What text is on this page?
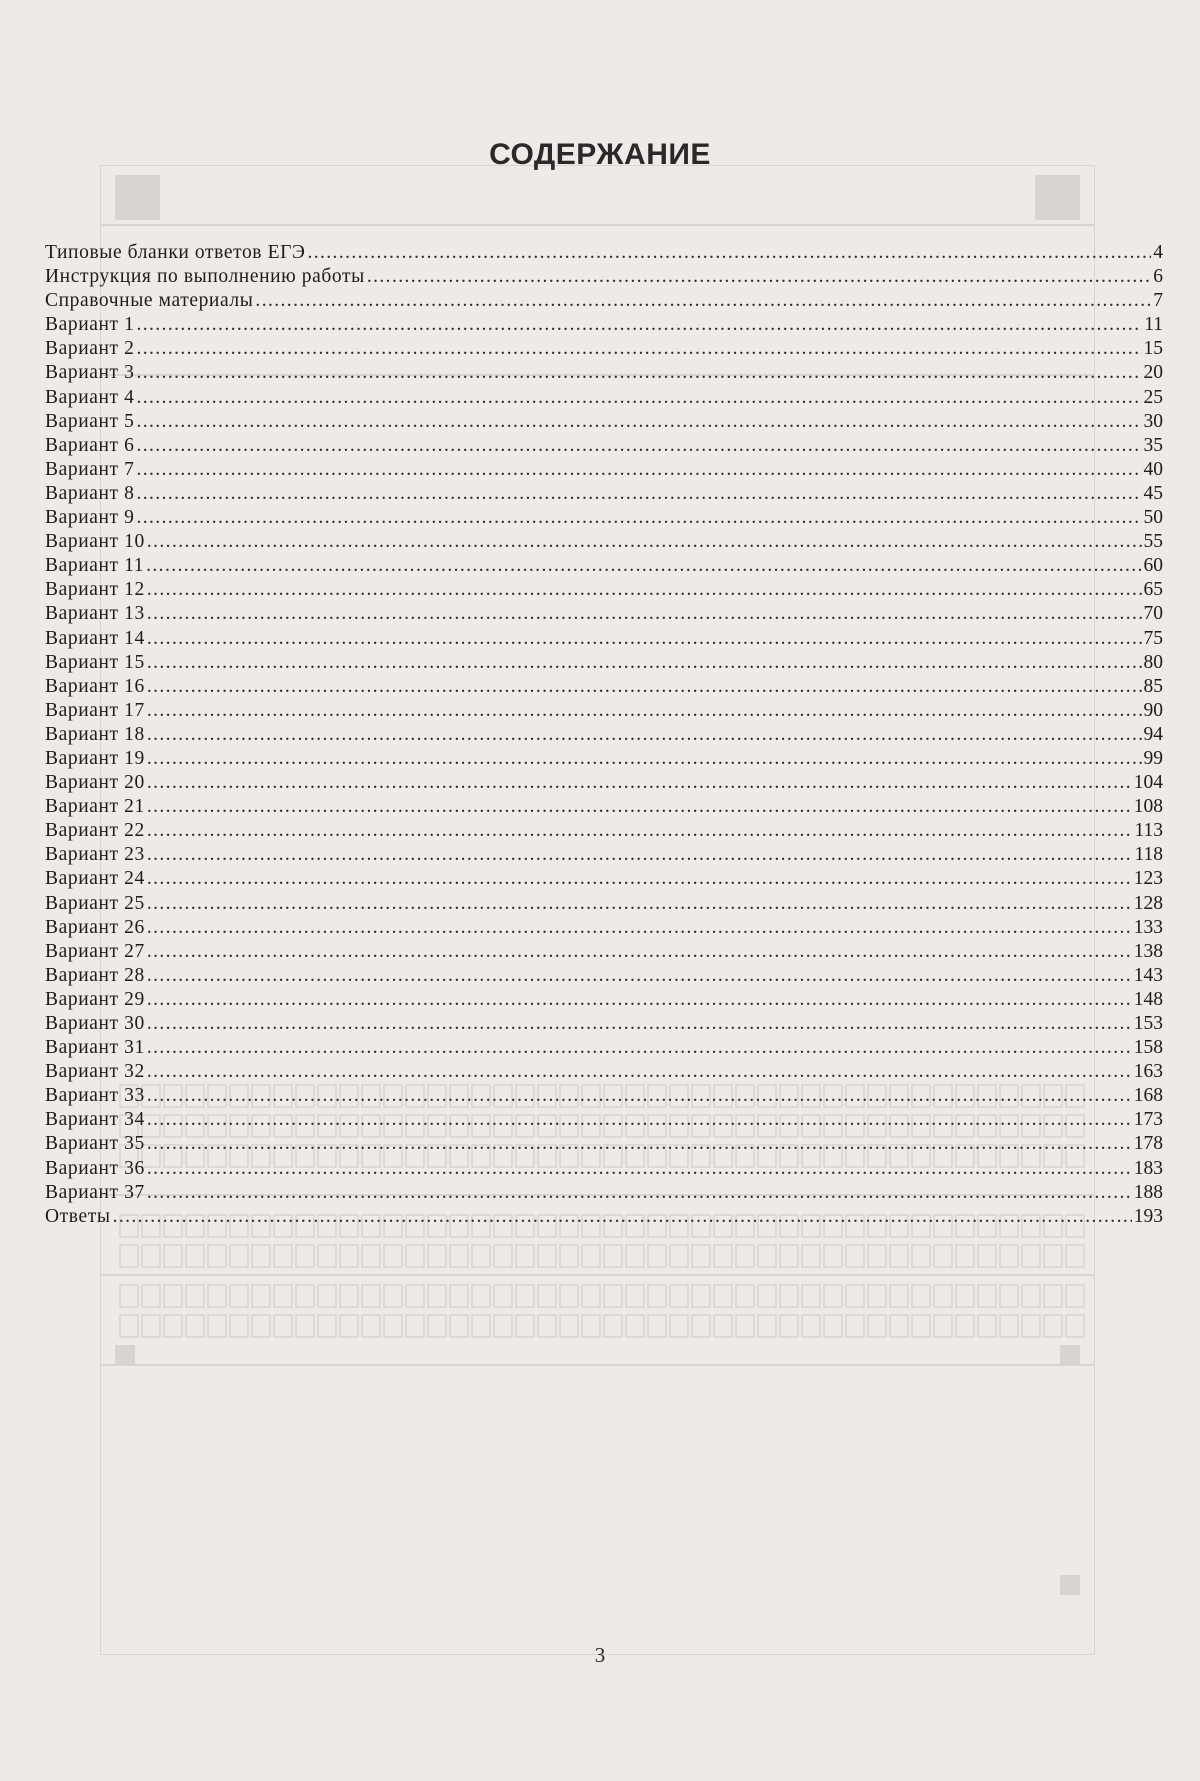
СОДЕРЖАНИЕ
Типовые бланки ответов ЕГЭ .....	4
Инструкция по выполнению работы .....	6
Справочные материалы .....	7
Вариант 1 .....	11
Вариант 2 .....	15
Вариант 3 .....	20
Вариант 4 .....	25
Вариант 5 .....	30
Вариант 6 .....	35
Вариант 7 .....	40
Вариант 8 .....	45
Вариант 9 .....	50
Вариант 10 .....	55
Вариант 11 .....	60
Вариант 12 .....	65
Вариант 13 .....	70
Вариант 14 .....	75
Вариант 15 .....	80
Вариант 16 .....	85
Вариант 17 .....	90
Вариант 18 .....	94
Вариант 19 .....	99
Вариант 20 .....	104
Вариант 21 .....	108
Вариант 22 .....	113
Вариант 23 .....	118
Вариант 24 .....	123
Вариант 25 .....	128
Вариант 26 .....	133
Вариант 27 .....	138
Вариант 28 .....	143
Вариант 29 .....	148
Вариант 30 .....	153
Вариант 31 .....	158
Вариант 32 .....	163
Вариант 33 .....	168
Вариант 34 .....	173
Вариант 35 .....	178
Вариант 36 .....	183
Вариант 37 .....	188
Ответы .....	193
3
